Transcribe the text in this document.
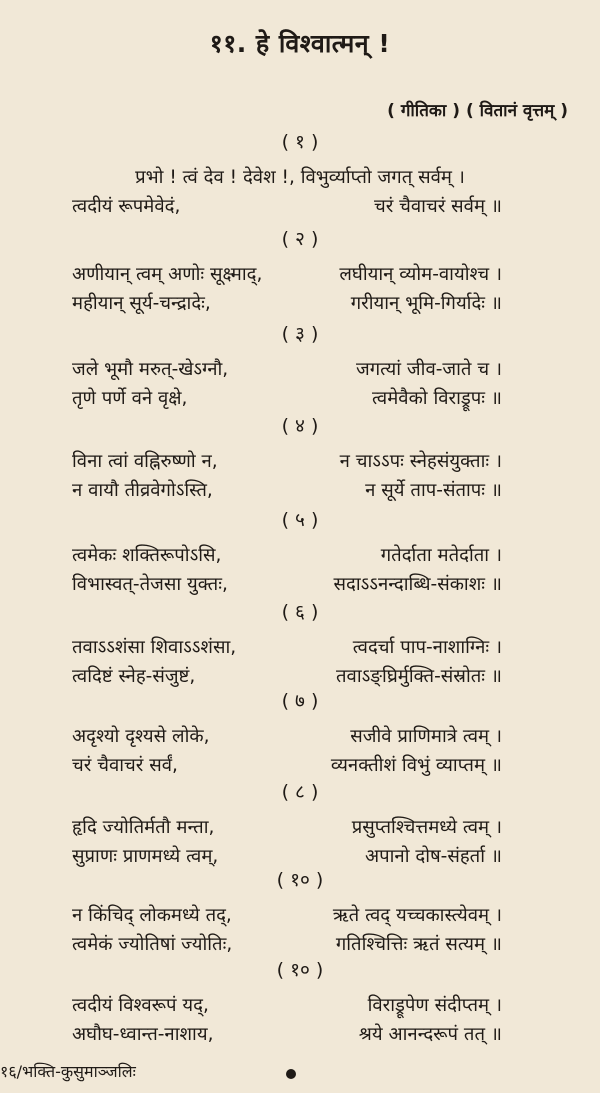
११. हे विश्वात्मन् !
( गीतिका ) ( वितानं वृत्तम् )
( १ )
प्रभो ! त्वं देव ! देवेश !, विभुर्व्याप्तो जगत् सर्वम् ।
त्वदीयं रूपमेवेदं,	चरं चैवाचरं सर्वम् ॥
( २ )
अणीयान् त्वम् अणोः सूक्ष्माद्,	लघीयान् व्योम-वायोश्च ।
महीयान् सूर्य-चन्द्रादेः,	गरीयान् भूमि-गिर्यादेः ॥
( ३ )
जले भूमौ मरुत्-खेऽग्नौ,	जगत्यां जीव-जाते च ।
तृणे पर्णे वने वृक्षे,	त्वमेवैको विराड्रूपः ॥
( ४ )
विना त्वां वह्निरुष्णो न,	न चाऽऽपः स्नेहसंयुक्ताः ।
न वायौ तीव्रवेगोऽस्ति,	न सूर्ये ताप-संतापः ॥
( ५ )
त्वमेकः शक्तिरूपोऽसि,	गतेर्दाता मतेर्दाता ।
विभास्वत्-तेजसा युक्तः,	सदाऽऽनन्दाब्धि-संकाशः ॥
( ६ )
तवाऽऽशंसा शिवाऽऽशंसा,	त्वदर्चा पाप-नाशाग्निः ।
त्वदिष्टं स्नेह-संजुष्टं,	तवाऽङ्घ्रिर्मुक्ति-संस्रोतः ॥
( ७ )
अदृश्यो दृश्यसे लोके,	सजीवे प्राणिमात्रे त्वम् ।
चरं चैवाचरं सर्वं,	व्यनक्तीशं विभुं व्याप्तम् ॥
( ८ )
हृदि ज्योतिर्मतौ मन्ता,	प्रसुप्तश्चित्तमध्ये त्वम् ।
सुप्राणः प्राणमध्ये त्वम्,	अपानो दोष-संहर्ता ॥
( १० )
न किंचिद् लोकमध्ये तद्,	ऋते त्वद् यच्चकास्त्येवम् ।
त्वमेकं ज्योतिषां ज्योतिः,	गतिश्चित्तिः ऋतं सत्यम् ॥
( १० )
त्वदीयं विश्वरूपं यद्,	विराड्रूपेण संदीप्तम् ।
अघौघ-ध्वान्त-नाशाय,	श्रये आनन्दरूपं तत् ॥
१६/भक्ति-कुसुमाञ्जलिः
